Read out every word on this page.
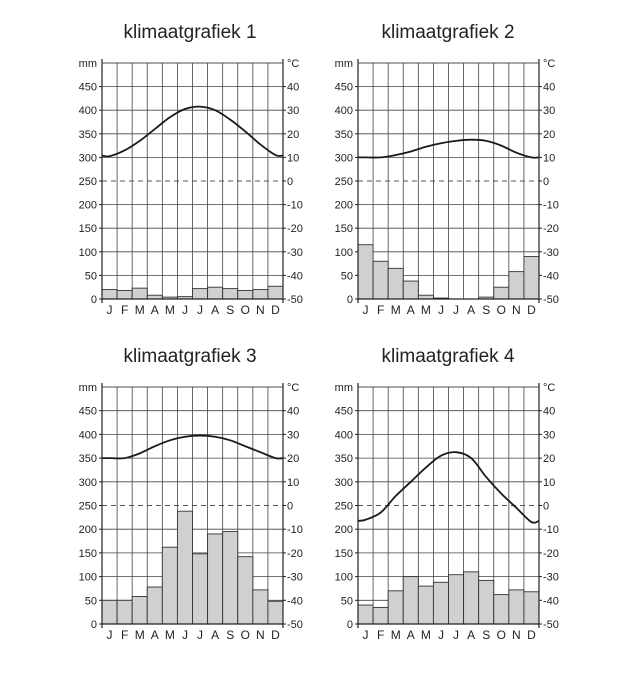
klimaatgrafiek 1
0
50
100
150
200
250
300
350
400
450
-50
-40
-30
-20
-10
0
10
20
30
40
mm	°C
J F M A M J J A S O N D
klimaatgrafiek 2
0
50
100
150
200
250
300
350
400
450
-50
-40
-30
-20
-10
0
10
20
30
40
mm	°C
J F M A M J J A S O N D
klimaatgrafiek 3
0
50
100
150
200
250
300
350
400
450
-50
-40
-30
-20
-10
0
10
20
30
40
mm	°C
J F M A M J J A S O N D
klimaatgrafiek 4
0
50
100
150
200
250
300
350
400
450
-50
-40
-30
-20
-10
0
10
20
30
40
mm	°C
J F M A M J J A S O N D
